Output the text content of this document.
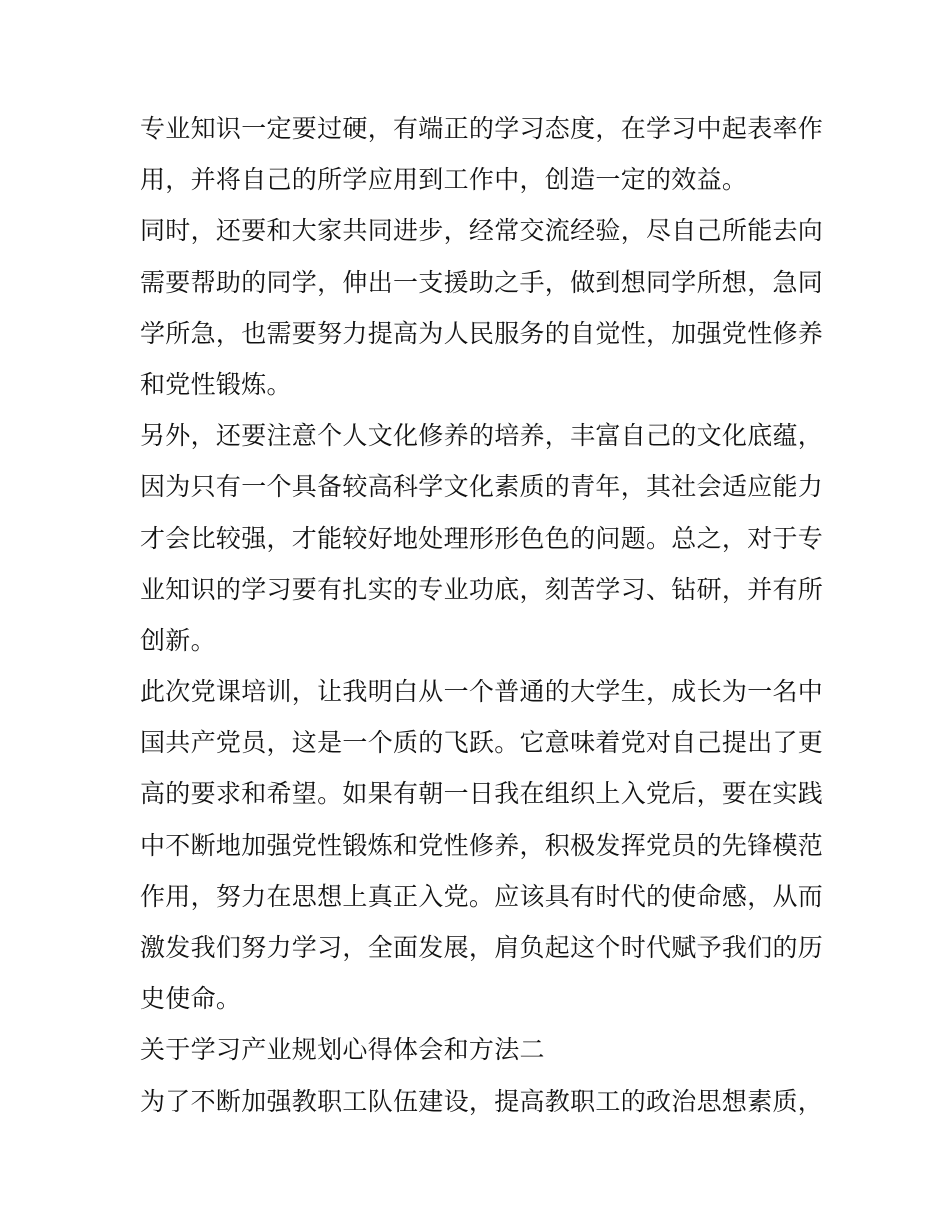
专业知识一定要过硬，有端正的学习态度，在学习中起表率作
用，并将自己的所学应用到工作中，创造一定的效益。
同时，还要和大家共同进步，经常交流经验，尽自己所能去向
需要帮助的同学，伸出一支援助之手，做到想同学所想，急同
学所急，也需要努力提高为人民服务的自觉性，加强党性修养
和党性锻炼。
另外，还要注意个人文化修养的培养，丰富自己的文化底蕴，
因为只有一个具备较高科学文化素质的青年，其社会适应能力
才会比较强，才能较好地处理形形色色的问题。总之，对于专
业知识的学习要有扎实的专业功底，刻苦学习、钻研，并有所
创新。
此次党课培训，让我明白从一个普通的大学生，成长为一名中
国共产党员，这是一个质的飞跃。它意味着党对自己提出了更
高的要求和希望。如果有朝一日我在组织上入党后，要在实践
中不断地加强党性锻炼和党性修养，积极发挥党员的先锋模范
作用，努力在思想上真正入党。应该具有时代的使命感，从而
激发我们努力学习，全面发展，肩负起这个时代赋予我们的历
史使命。
关于学习产业规划心得体会和方法二
为了不断加强教职工队伍建设，提高教职工的政治思想素质，
